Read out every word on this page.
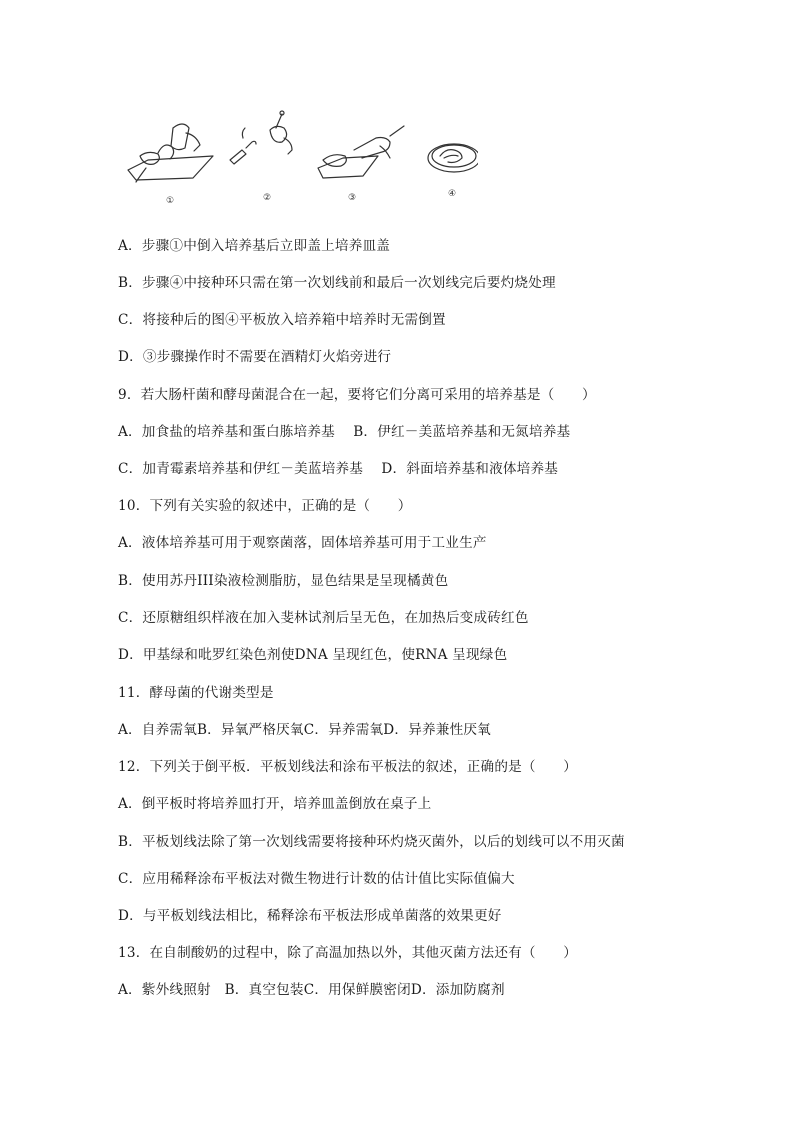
①	②	③	④
A．步骤①中倒入培养基后立即盖上培养皿盖
B．步骤④中接种环只需在第一次划线前和最后一次划线完后要灼烧处理
C．将接种后的图④平板放入培养箱中培养时无需倒置
D．③步骤操作时不需要在酒精灯火焰旁进行
9．若大肠杆菌和酵母菌混合在一起，要将它们分离可采用的培养基是（　　）
A．加食盐的培养基和蛋白胨培养基　 B．伊红－美蓝培养基和无氮培养基
C．加青霉素培养基和伊红－美蓝培养基　 D．斜面培养基和液体培养基
10．下列有关实验的叙述中，正确的是（　　）
A．液体培养基可用于观察菌落，固体培养基可用于工业生产
B．使用苏丹III染液检测脂肪，显色结果是呈现橘黄色
C．还原糖组织样液在加入斐林试剂后呈无色，在加热后变成砖红色
D．甲基绿和吡罗红染色剂使DNA 呈现红色，使RNA 呈现绿色
11．酵母菌的代谢类型是
A．自养需氧B．异氧严格厌氧C．异养需氧D．异养兼性厌氧
12．下列关于倒平板．平板划线法和涂布平板法的叙述，正确的是（　　）
A．倒平板时将培养皿打开，培养皿盖倒放在桌子上
B．平板划线法除了第一次划线需要将接种环灼烧灭菌外，以后的划线可以不用灭菌
C．应用稀释涂布平板法对微生物进行计数的估计值比实际值偏大
D．与平板划线法相比，稀释涂布平板法形成单菌落的效果更好
13．在自制酸奶的过程中，除了高温加热以外，其他灭菌方法还有（　　）
A．紫外线照射　B．真空包装C．用保鲜膜密闭D．添加防腐剂
